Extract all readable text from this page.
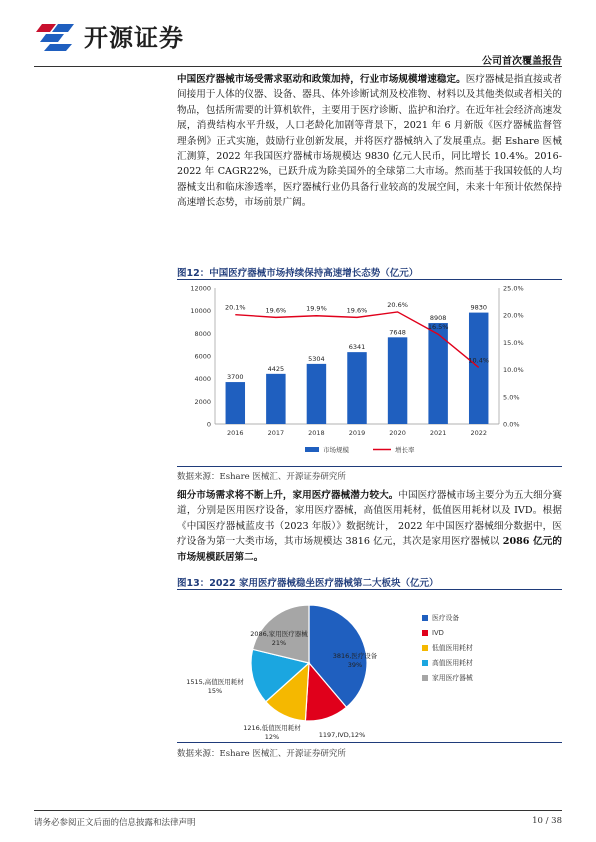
开源证券
公司首次覆盖报告
中国医疗器械市场受需求驱动和政策加持，行业市场规模增速稳定。医疗器械是指直接或者间接用于人体的仪器、设备、器具、体外诊断试剂及校准物、材料以及其他类似或者相关的物品，包括所需要的计算机软件，主要用于医疗诊断、监护和治疗。在近年社会经济高速发展，消费结构水平升级，人口老龄化加剧等背景下，2021 年 6 月新版《医疗器械监督管理条例》正式实施，鼓励行业创新发展，并将医疗器械纳入了发展重点。据 Eshare 医械汇测算，2022 年我国医疗器械市场规模达 9830 亿元人民币，同比增长 10.4%。2016-2022 年 CAGR22%，已跃升成为除美国外的全球第二大市场。然而基于我国较低的人均器械支出和临床渗透率，医疗器械行业仍具备行业较高的发展空间，未来十年预计依然保持高速增长态势，市场前景广阔。
图12：中国医疗器械市场持续保持高速增长态势（亿元）
0
2000
4000
6000
8000
10000
12000
0.0%
5.0%
10.0%
15.0%
20.0%
25.0%
3700
2016
4425
2017
5304
2018
6341
2019
7648
2020
8908
2021
9830
2022
20.1%	19.6%	19.9%	19.6%
20.6%
16.5%
10.4%
市场规模	增长率
数据来源：Eshare 医械汇、开源证券研究所
细分市场需求将不断上升，家用医疗器械潜力较大。中国医疗器械市场主要分为五大细分赛道，分别是医用医疗设备，家用医疗器械，高值医用耗材，低值医用耗材以及 IVD。根据《中国医疗器械蓝皮书（2023 年版）》数据统计， 2022 年中国医疗器械细分数据中，医疗设备为第一大类市场，其市场规模达 3816 亿元，其次是家用医疗器械以 2086 亿元的市场规模跃居第二。
图13：2022 家用医疗器械稳坐医疗器械第二大板块（亿元）
3816,医疗设备 39%
1197,IVD,12%
1216,低值医用耗材 12%
1515,高值医用耗材 15%
2086,家用医疗器械 21%
医疗设备
IVD
低值医用耗材
高值医用耗材
家用医疗器械
数据来源：Eshare 医械汇、开源证券研究所
请务必参阅正文后面的信息披露和法律声明	10 / 38
